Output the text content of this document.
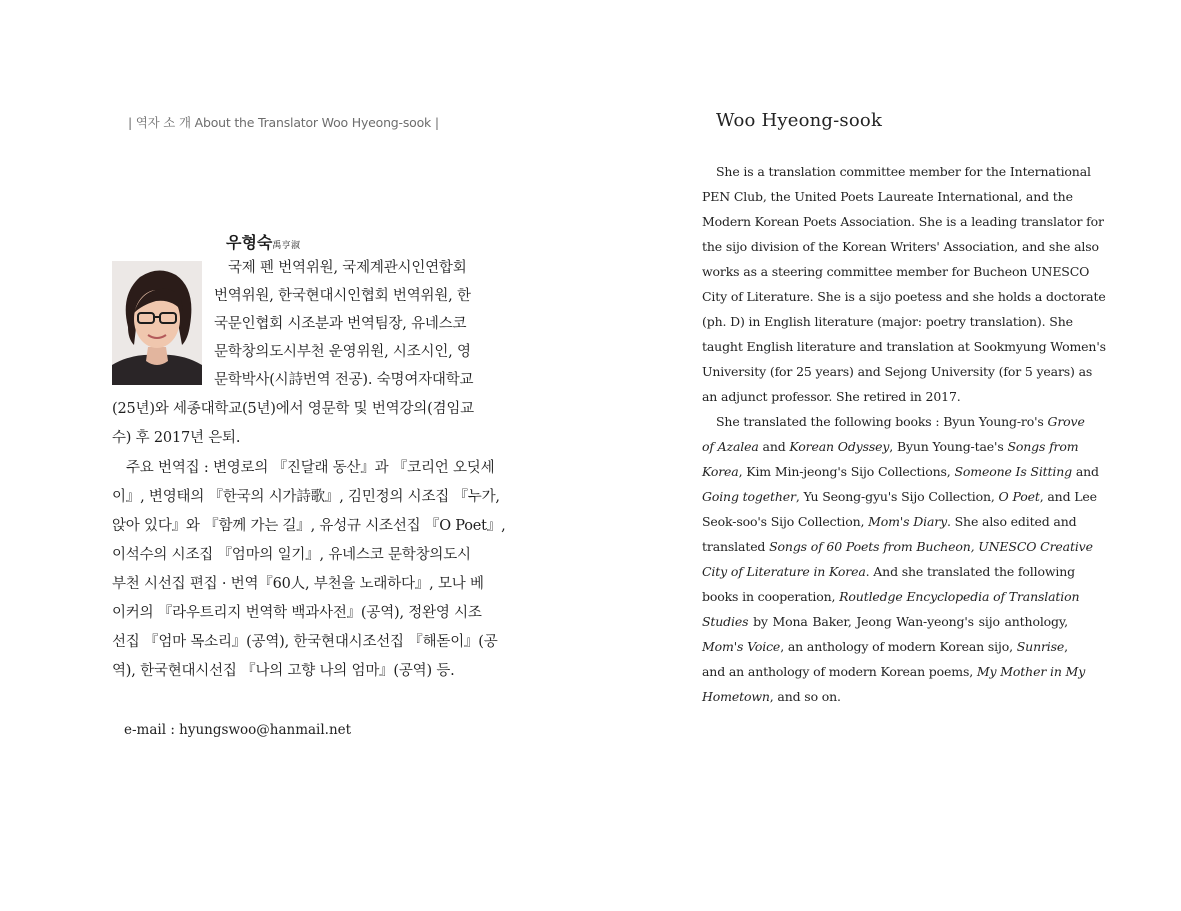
| 역자 소 개 About the Translator Woo Hyeong-sook |
우형숙禹亨淑
국제 펜 번역위원, 국제계관시인연합회
번역위원, 한국현대시인협회 번역위원, 한
국문인협회 시조분과 번역팀장, 유네스코
문학창의도시부천 운영위원, 시조시인, 영
문학박사(시詩번역 전공). 숙명여자대학교
(25년)와 세종대학교(5년)에서 영문학 및 번역강의(겸임교
수) 후 2017년 은퇴.
주요 번역집 : 변영로의 『진달래 동산』과 『코리언 오딧세
이』, 변영태의 『한국의 시가詩歌』, 김민정의 시조집 『누가,
앉아 있다』와 『함께 가는 길』, 유성규 시조선집 『O Poet』,
이석수의 시조집 『엄마의 일기』, 유네스코 문학창의도시
부천 시선집 편집 · 번역『60人, 부천을 노래하다』, 모나 베
이커의 『라우트리지 번역학 백과사전』(공역), 정완영 시조
선집 『엄마 목소리』(공역), 한국현대시조선집 『해돋이』(공
역), 한국현대시선집 『나의 고향 나의 엄마』(공역) 등.
e-mail : hyungswoo@hanmail.net
Woo Hyeong-sook
She is a translation committee member for the International
PEN Club, the United Poets Laureate International, and the
Modern Korean Poets Association. She is a leading translator for
the sijo division of the Korean Writers' Association, and she also
works as a steering committee member for Bucheon UNESCO
City of Literature. She is a sijo poetess and she holds a doctorate
(ph. D) in English literature (major: poetry translation). She
taught English literature and translation at Sookmyung Women's
University (for 25 years) and Sejong University (for 5 years) as
an adjunct professor. She retired in 2017.
She translated the following books : Byun Young-ro's Grove
of Azalea and Korean Odyssey, Byun Young-tae's Songs from
Korea, Kim Min-jeong's Sijo Collections, Someone Is Sitting and
Going together, Yu Seong-gyu's Sijo Collection, O Poet, and Lee
Seok-soo's Sijo Collection, Mom's Diary. She also edited and
translated Songs of 60 Poets from Bucheon, UNESCO Creative
City of Literature in Korea. And she translated the following
books in cooperation, Routledge Encyclopedia of Translation
Studies by Mona Baker, Jeong Wan-yeong's sijo anthology,
Mom's Voice, an anthology of modern Korean sijo, Sunrise,
and an anthology of modern Korean poems, My Mother in My
Hometown, and so on.
